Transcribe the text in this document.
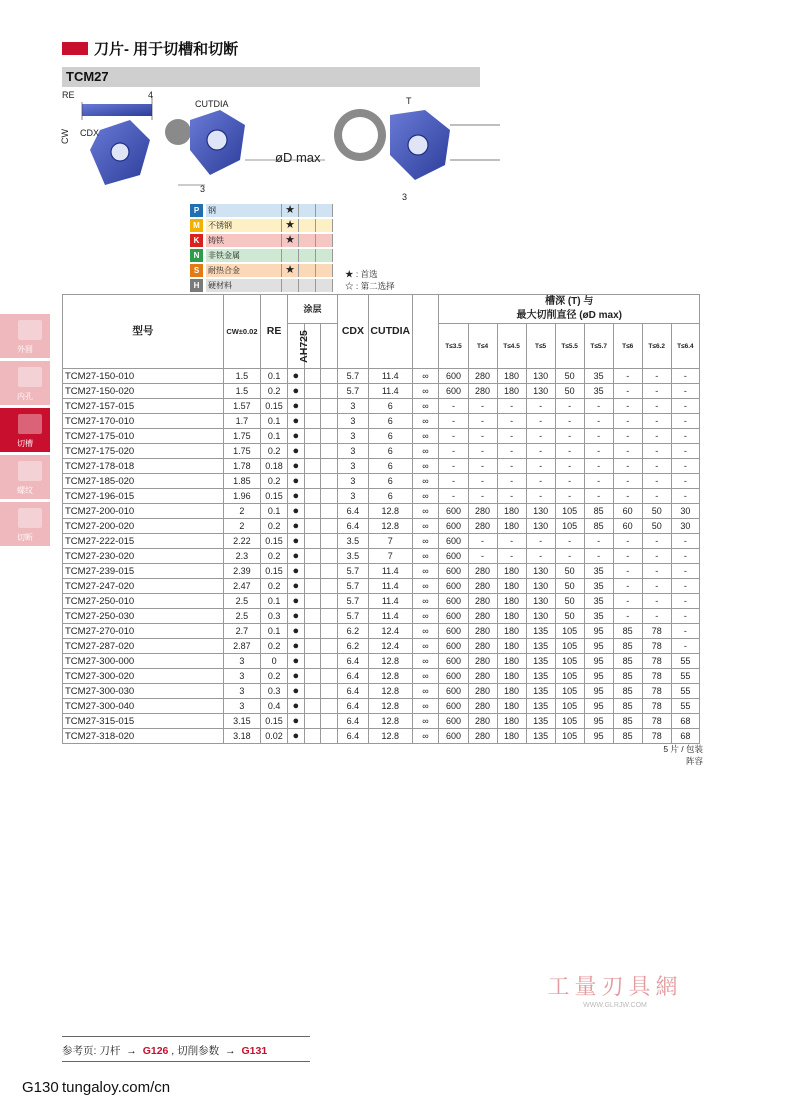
刀片- 用于切槽和切断
TCM27
RE	4
CW CDX
CUTDIA
3
øD max
T
3
P	钢	★
M	不锈钢	★
K	铸铁	★
N	非铁金属
S	耐热合金	★
H	硬材料
★ : 首选
☆ : 第二选择
外圆
内孔
切槽
螺纹
切断
型号	CW±0.02	RE	涂层			CDX	CUTDIA		槽深 (T) 与
最大切削直径 (øD max)								

			AH725														
									T≤3.5	T≤4	T≤4.5	T≤5	T≤5.5	T≤5.7	T≤6	T≤6.2	T≤6.4
TCM27-150-010	1.5	0.1	●			5.7	11.4	∞	600	280	180	130	50	35	-	-	-
TCM27-150-020	1.5	0.2	●			5.7	11.4	∞	600	280	180	130	50	35	-	-	-
TCM27-157-015	1.57	0.15	●			3	6	∞	-	-	-	-	-	-	-	-	-
TCM27-170-010	1.7	0.1	●			3	6	∞	-	-	-	-	-	-	-	-	-
TCM27-175-010	1.75	0.1	●			3	6	∞	-	-	-	-	-	-	-	-	-
TCM27-175-020	1.75	0.2	●			3	6	∞	-	-	-	-	-	-	-	-	-
TCM27-178-018	1.78	0.18	●			3	6	∞	-	-	-	-	-	-	-	-	-
TCM27-185-020	1.85	0.2	●			3	6	∞	-	-	-	-	-	-	-	-	-
TCM27-196-015	1.96	0.15	●			3	6	∞	-	-	-	-	-	-	-	-	-
TCM27-200-010	2	0.1	●			6.4	12.8	∞	600	280	180	130	105	85	60	50	30
TCM27-200-020	2	0.2	●			6.4	12.8	∞	600	280	180	130	105	85	60	50	30
TCM27-222-015	2.22	0.15	●			3.5	7	∞	600	-	-	-	-	-	-	-	-
TCM27-230-020	2.3	0.2	●			3.5	7	∞	600	-	-	-	-	-	-	-	-
TCM27-239-015	2.39	0.15	●			5.7	11.4	∞	600	280	180	130	50	35	-	-	-
TCM27-247-020	2.47	0.2	●			5.7	11.4	∞	600	280	180	130	50	35	-	-	-
TCM27-250-010	2.5	0.1	●			5.7	11.4	∞	600	280	180	130	50	35	-	-	-
TCM27-250-030	2.5	0.3	●			5.7	11.4	∞	600	280	180	130	50	35	-	-	-
TCM27-270-010	2.7	0.1	●			6.2	12.4	∞	600	280	180	135	105	95	85	78	-
TCM27-287-020	2.87	0.2	●			6.2	12.4	∞	600	280	180	135	105	95	85	78	-
TCM27-300-000	3	0	●			6.4	12.8	∞	600	280	180	135	105	95	85	78	55
TCM27-300-020	3	0.2	●			6.4	12.8	∞	600	280	180	135	105	95	85	78	55
TCM27-300-030	3	0.3	●			6.4	12.8	∞	600	280	180	135	105	95	85	78	55
TCM27-300-040	3	0.4	●			6.4	12.8	∞	600	280	180	135	105	95	85	78	55
TCM27-315-015	3.15	0.15	●			6.4	12.8	∞	600	280	180	135	105	95	85	78	68
TCM27-318-020	3.18	0.02	●			6.4	12.8	∞	600	280	180	135	105	95	85	78	68
5 片 / 包装
阵容
工量刃具網
WWW.GLRJW.COM
参考页: 刀杆 → G126 , 切削参数 → G131
G130 tungaloy.com/cn
